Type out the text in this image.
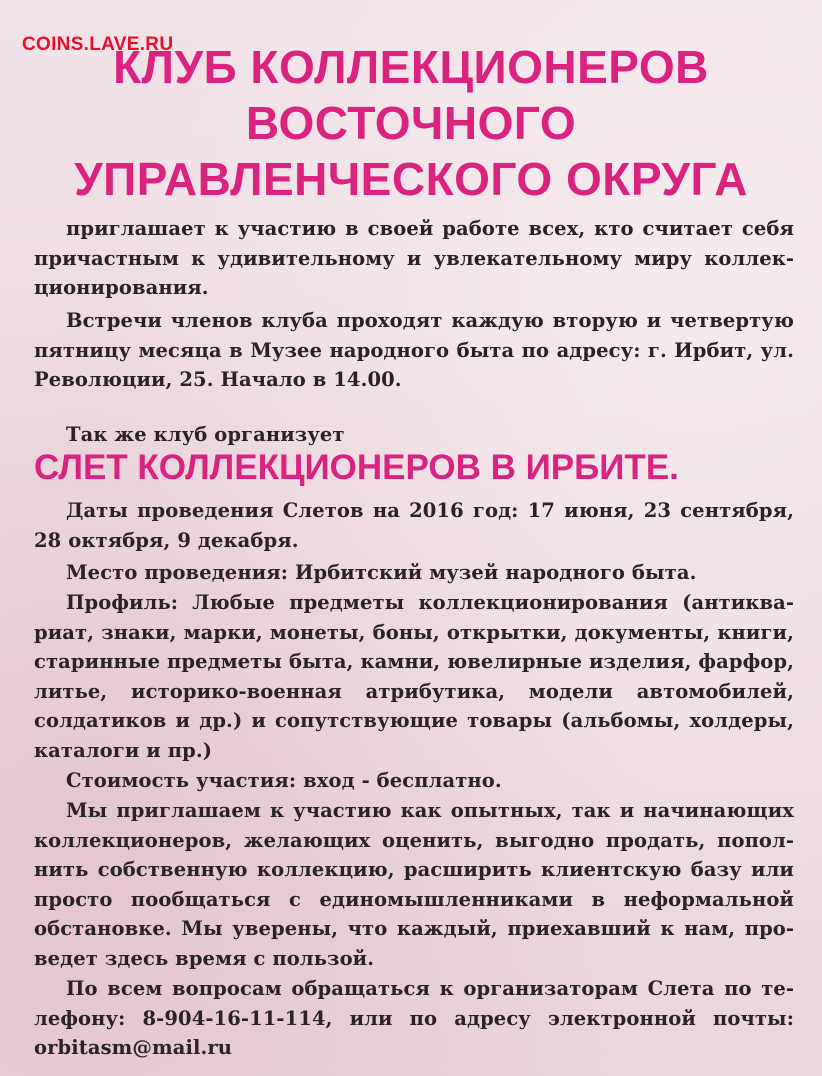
COINS.LAVE.RU
КЛУБ КОЛЛЕКЦИОНЕРОВ
ВОСТОЧНОГО
УПРАВЛЕНЧЕСКОГО ОКРУГА
приглашает к участию в своей работе всех, кто считает себя причастным к удивительному и увлекательному миру коллекционирования.
Встречи членов клуба проходят каждую вторую и четвертую пятницу месяца в Музее народного быта по адресу: г. Ирбит, ул. Революции, 25. Начало в 14.00.
Так же клуб организует
СЛЕТ КОЛЛЕКЦИОНЕРОВ В ИРБИТЕ.
Даты проведения Слетов на 2016 год: 17 июня, 23 сентября, 28 октября, 9 декабря.
Место проведения: Ирбитский музей народного быта.
Профиль: Любые предметы коллекционирования (антиквариат, знаки, марки, монеты, боны, открытки, документы, книги, старинные предметы быта, камни, ювелирные изделия, фарфор, литье, историко-военная атрибутика, модели автомобилей, солдатиков и др.) и сопутствующие товары (альбомы, холдеры, каталоги и пр.)
Стоимость участия: вход - бесплатно.
Мы приглашаем к участию как опытных, так и начинающих коллекционеров, желающих оценить, выгодно продать, пополнить собственную коллекцию, расширить клиентскую базу или просто пообщаться с единомышленниками в неформальной обстановке. Мы уверены, что каждый, приехавший к нам, проведет здесь время с пользой.
По всем вопросам обращаться к организаторам Слета по телефону: 8-904-16-11-114, или по адресу электронной почты: orbitasm@mail.ru
